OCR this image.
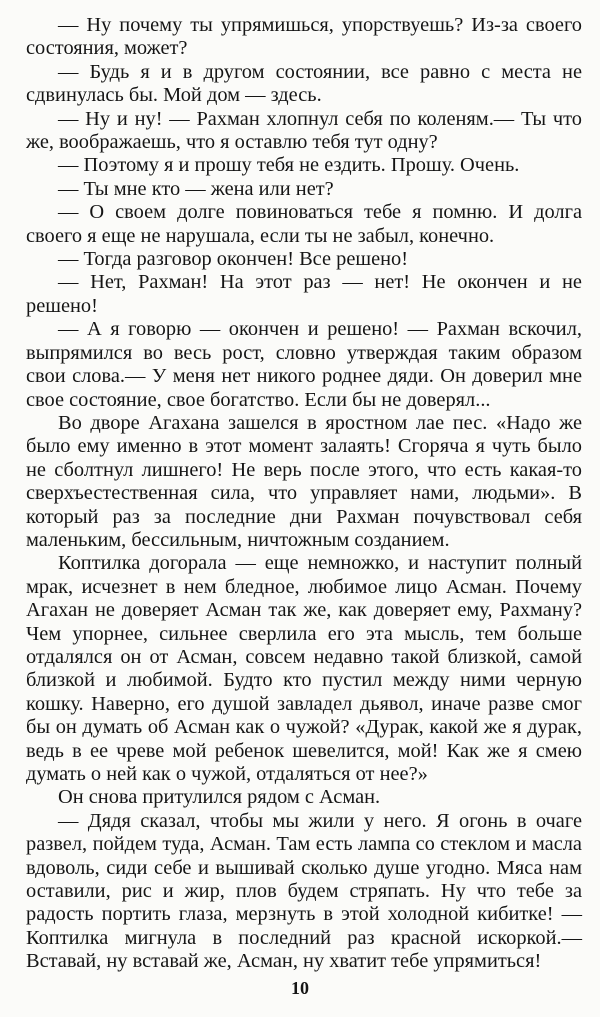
— Ну почему ты упрямишься, упорствуешь? Из-за своего состояния, может?

— Будь я и в другом состоянии, все равно с места не сдвинулась бы. Мой дом — здесь.

— Ну и ну! — Рахман хлопнул себя по коленям.— Ты что же, воображаешь, что я оставлю тебя тут одну?

— Поэтому я и прошу тебя не ездить. Прошу. Очень.

— Ты мне кто — жена или нет?

— О своем долге повиноваться тебе я помню. И долга своего я еще не нарушала, если ты не забыл, конечно.

— Тогда разговор окончен! Все решено!

— Нет, Рахман! На этот раз — нет! Не окончен и не решено!

— А я говорю — окончен и решено! — Рахман вскочил, выпрямился во весь рост, словно утверждая таким образом свои слова.— У меня нет никого роднее дяди. Он доверил мне свое состояние, свое богатство. Если бы не доверял...

Во дворе Агахана зашелся в яростном лае пес. «Надо же было ему именно в этот момент залаять! Сгоряча я чуть было не сболтнул лишнего! Не верь после этого, что есть какая-то сверхъестественная сила, что управляет нами, людьми». В который раз за последние дни Рахман почувствовал себя маленьким, бессильным, ничтожным созданием.

Коптилка догорала — еще немножко, и наступит полный мрак, исчезнет в нем бледное, любимое лицо Асман. Почему Агахан не доверяет Асман так же, как доверяет ему, Рахману? Чем упорнее, сильнее сверлила его эта мысль, тем больше отдалялся он от Асман, совсем недавно такой близкой, самой близкой и любимой. Будто кто пустил между ними черную кошку. Наверно, его душой завладел дьявол, иначе разве смог бы он думать об Асман как о чужой? «Дурак, какой же я дурак, ведь в ее чреве мой ребенок шевелится, мой! Как же я смею думать о ней как о чужой, отдаляться от нее?»

Он снова притулился рядом с Асман.

— Дядя сказал, чтобы мы жили у него. Я огонь в очаге развел, пойдем туда, Асман. Там есть лампа со стеклом и масла вдоволь, сиди себе и вышивай сколько душе угодно. Мяса нам оставили, рис и жир, плов будем стряпать. Ну что тебе за радость портить глаза, мерзнуть в этой холодной кибитке! — Коптилка мигнула в последний раз красной искоркой.— Вставай, ну вставай же, Асман, ну хватит тебе упрямиться!

10
